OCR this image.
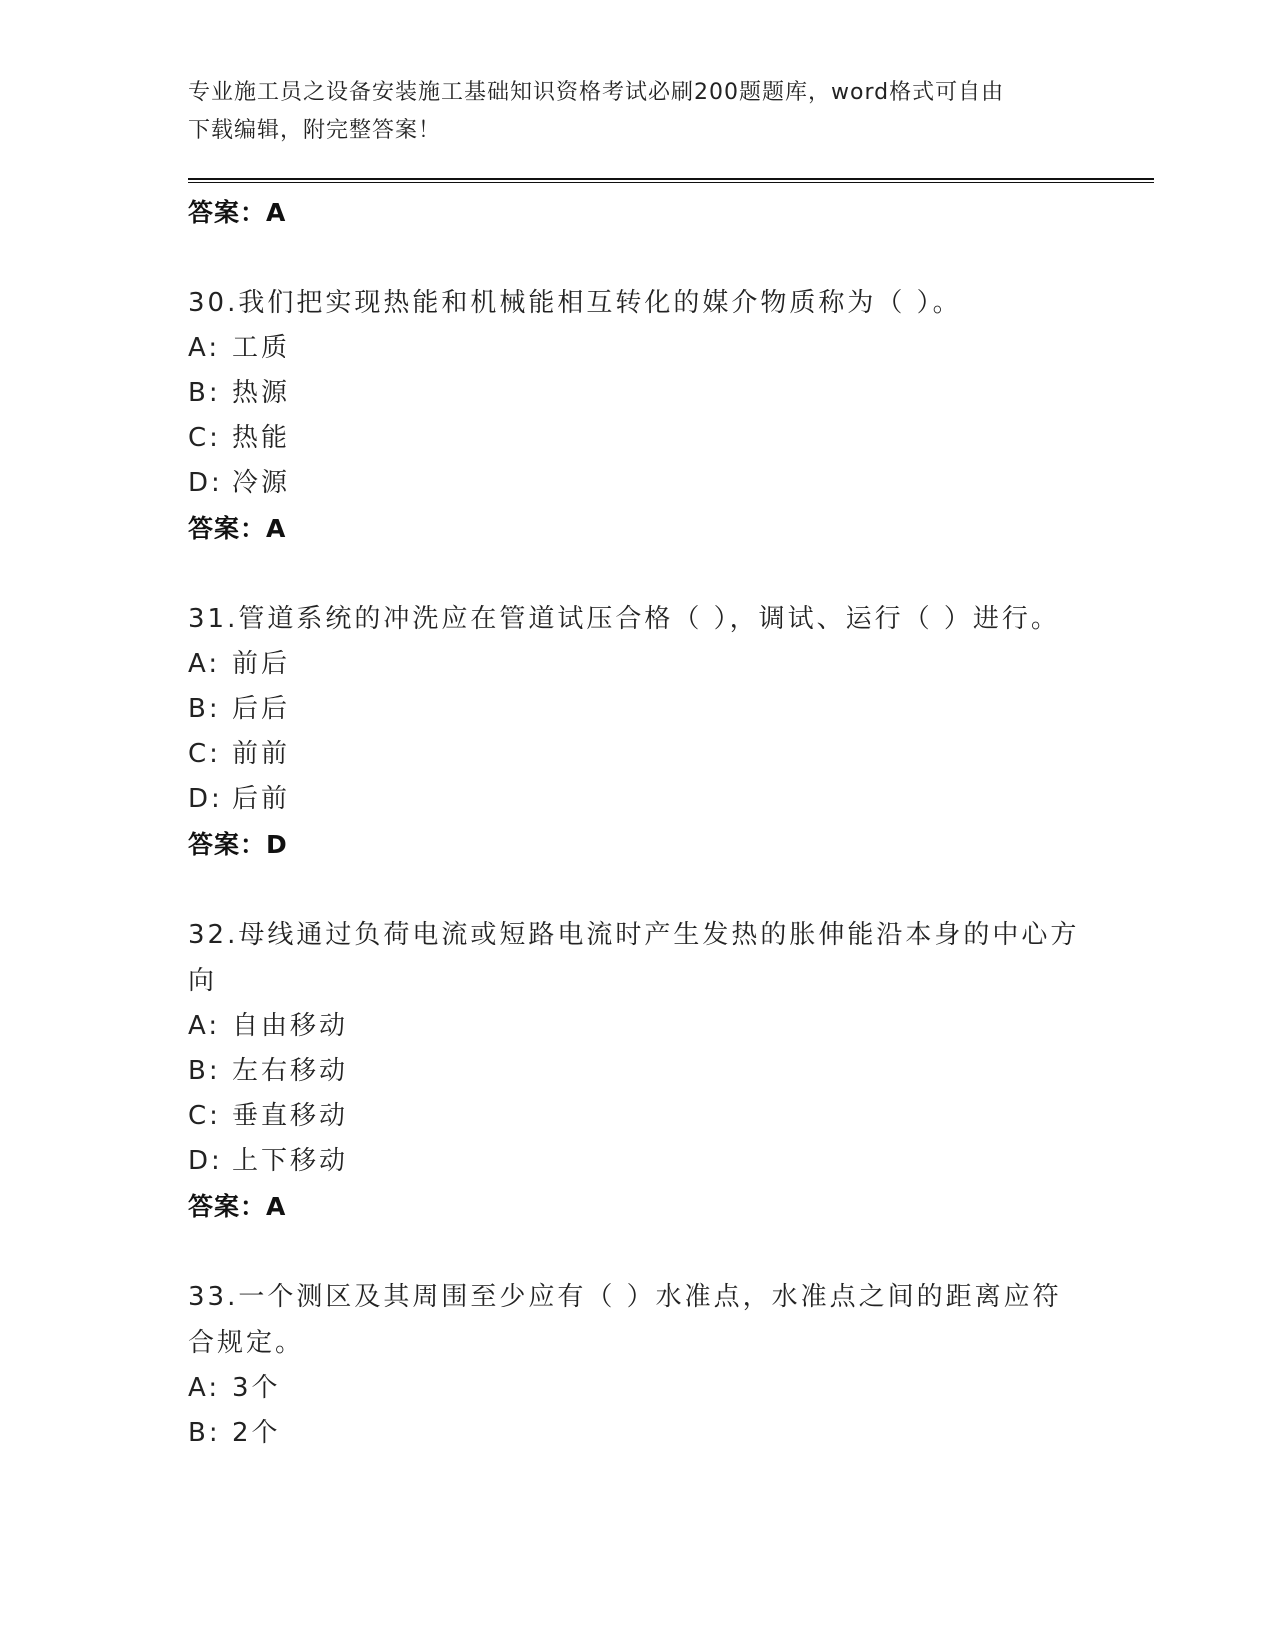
专业施工员之设备安装施工基础知识资格考试必刷200题题库，word格式可自由
下载编辑，附完整答案！
答案：A
30.我们把实现热能和机械能相互转化的媒介物质称为（ ）。
A: 工质
B: 热源
C: 热能
D: 冷源
答案：A
31.管道系统的冲洗应在管道试压合格（ ），调试、运行（ ）进行。
A: 前后
B: 后后
C: 前前
D: 后前
答案：D
32.母线通过负荷电流或短路电流时产生发热的胀伸能沿本身的中心方向
A: 自由移动
B: 左右移动
C: 垂直移动
D: 上下移动
答案：A
33.一个测区及其周围至少应有（ ）水准点，水准点之间的距离应符合规定。
A: 3个
B: 2个
